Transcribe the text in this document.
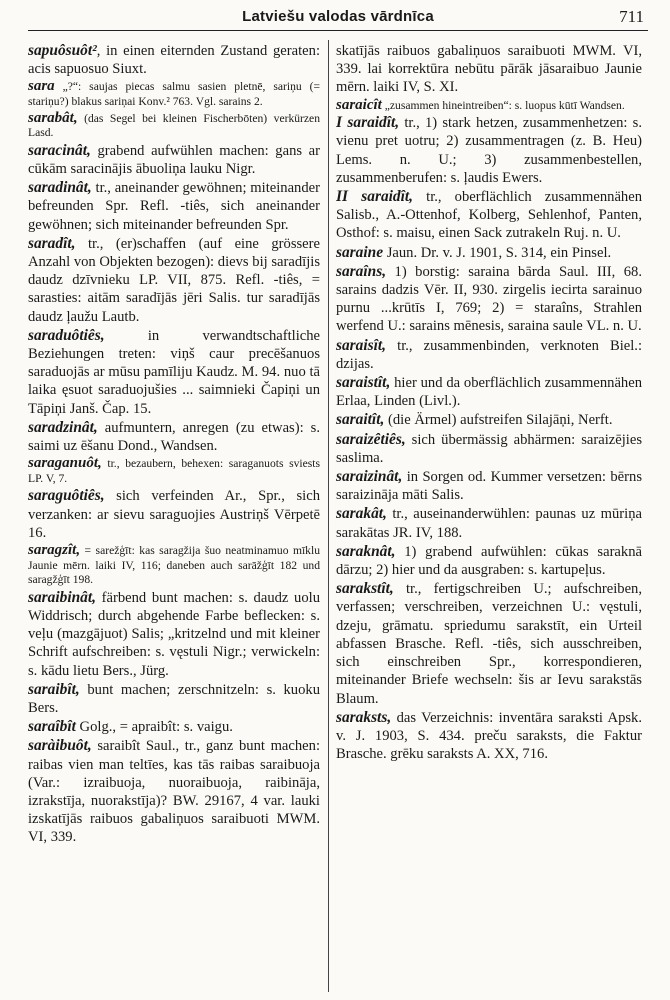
Latviešu valodas vārdnīca	711

sapuôsuôt², in einen eiternden Zustand geraten: acis sapuosuo Siuxt.

sara „?“: saujas piecas salmu sasien pletnē, sariņu (= stariņu?) blakus sariņai Konv.² 763. Vgl. sarains 2.

sarabât, (das Segel bei kleinen Fischerbōten) verkürzen Lasd.

saracinât, grabend aufwühlen machen: gans ar cūkām saracinājis ābuoliņa lauku Nigr.

saradinât, tr., aneinander gewöhnen; miteinander befreunden Spr. Refl. -tiês, sich aneinander gewöhnen; sich miteinander befreunden Spr.

saradît, tr., (er)schaffen (auf eine grössere Anzahl von Objekten bezogen): dievs bij saradījis daudz dzīvnieku LP. VII, 875. Refl. -tiês, = sarasties: aitām saradījās jēri Salis. tur saradījās daudz ļaužu Lautb.

saraduôtiês, in verwandtschaftliche Beziehungen treten: viņš caur precēšanuos saraduojās ar mūsu pamīliju Kaudz. M. 94. nuo tā laika ęsuot saraduojušies ... saimnieki Čapiņi un Tāpiņi Janš. Čap. 15.

saradzinât, aufmuntern, anregen (zu etwas): s. saimi uz ēšanu Dond., Wandsen.

saraganuôt, tr., bezaubern, behexen: saraganuots sviests LP. V, 7.

saraguôtiês, sich verfeinden Ar., Spr., sich verzanken: ar sievu saraguojies Austriņš Vērpetē 16.

saragzît, = sarežģīt: kas saragžija šuo neatminamuo mīklu Jaunie mērn. laiki IV, 116; daneben auch sarāžģīt 182 und saragžģīt 198.

saraibinât, färbend bunt machen: s. daudz uolu Widdrisch; durch abgehende Farbe beflecken: s. veļu (mazgājuot) Salis; „kritzelnd und mit kleiner Schrift aufschreiben: s. vęstuli Nigr.; verwickeln: s. kādu lietu Bers., Jürg.

saraibît, bunt machen; zerschnitzeln: s. kuoku Bers.

saraîbît Golg., = apraibît: s. vaigu.

saràibuôt, saraibît Saul., tr., ganz bunt machen: raibas vien man teltīes, kas tās raibas saraibuoja (Var.: izraibuoja, nuoraibuoja, raibināja, izrakstīja, nuorakstīja)? BW. 29167, 4 var. lauki izskatījās raibuos gabaliņuos saraibuoti MWM. VI, 339.

skatījās raibuos gabaliņuos saraibuoti MWM. VI, 339. lai korrektūra nebūtu pārāk jāsaraibuo Jaunie mērn. laiki IV, S. XI.

saraicît „zusammen hineintreiben“: s. luopus kūtī Wandsen.

I saraidît, tr., 1) stark hetzen, zusammenhetzen: s. vienu pret uotru; 2) zusammentragen (z. B. Heu) Lems. n. U.; 3) zusammenbestellen, zusammenberufen: s. ļaudis Ewers.

II saraidît, tr., oberflächlich zusammennähen Salisb., A.-Ottenhof, Kolberg, Sehlenhof, Panten, Osthof: s. maisu, einen Sack zutrakeln Ruj. n. U.

saraine Jaun. Dr. v. J. 1901, S. 314, ein Pinsel.

saraîns, 1) borstig: saraina bārda Saul. III, 68. sarains dadzis Vēr. II, 930. zirgelis iecirta sarainuo purnu ...krūtīs I, 769; 2) = staraîns, Strahlen werfend U.: sarains mēnesis, saraina saule VL. n. U.

saraisît, tr., zusammenbinden, verknoten Biel.: dzijas.

saraistît, hier und da oberflächlich zusammennähen Erlaa, Linden (Livl.).

saraitît, (die Ärmel) aufstreifen Silajāņi, Nerft.

saraizêtiês, sich übermässig abhärmen: saraizējies saslima.

saraizinât, in Sorgen od. Kummer versetzen: bērns saraizināja māti Salis.

sarakât, tr., auseinanderwühlen: paunas uz mūriņa sarakātas JR. IV, 188.

saraknât, 1) grabend aufwühlen: cūkas saraknā dārzu; 2) hier und da ausgraben: s. kartupeļus.

sarakstît, tr., fertigschreiben U.; aufschreiben, verfassen; verschreiben, verzeichnen U.: vęstuli, dzeju, grāmatu. spriedumu sarakstīt, ein Urteil abfassen Brasche. Refl. -tiês, sich ausschreiben, sich einschreiben Spr., korrespondieren, miteinander Briefe wechseln: šis ar Ievu sarakstās Blaum.

saraksts, das Verzeichnis: inventāra saraksti Apsk. v. J. 1903, S. 434. preču saraksts, die Faktur Brasche. grēku saraksts A. XX, 716.
